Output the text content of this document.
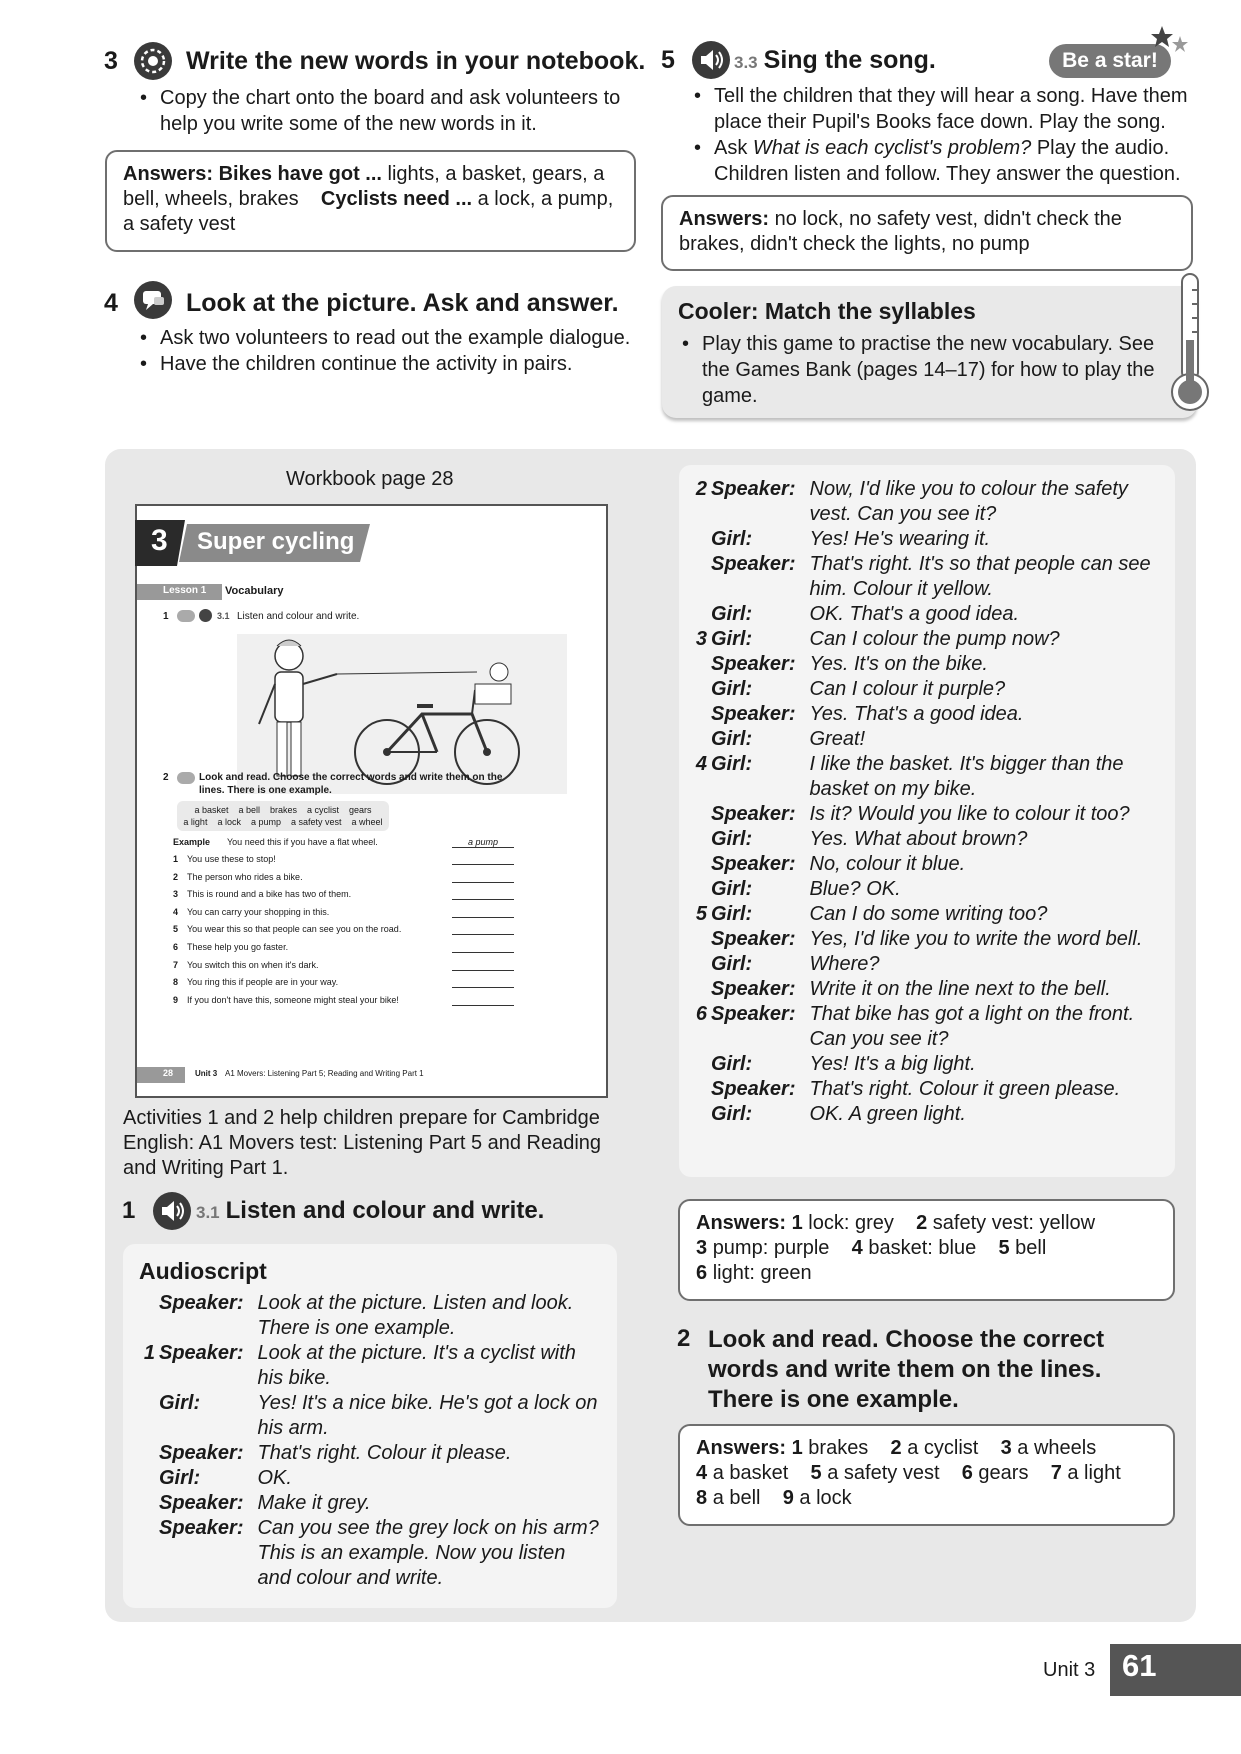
3	Write the new words in your notebook.
• Copy the chart onto the board and ask volunteers to help you write some of the new words in it.
Answers: Bikes have got ... lights, a basket, gears, a bell, wheels, brakes Cyclists need ... a lock, a pump, a safety vest
4	Look at the picture. Ask and answer.
• Ask two volunteers to read out the example dialogue.
• Have the children continue the activity in pairs.
5	3.3 Sing the song.	Be a star!
• Tell the children that they will hear a song. Have them place their Pupil's Books face down. Play the song.
• Ask What is each cyclist's problem? Play the audio. Children listen and follow. They answer the question.
Answers: no lock, no safety vest, didn't check the brakes, didn't check the lights, no pump
Cooler: Match the syllables
• Play this game to practise the new vocabulary. See the Games Bank (pages 14–17) for how to play the game.
Workbook page 28
3 Super cycling
Lesson 1 Vocabulary
1	3.1 Listen and colour and write.
2	Look and read. Choose the correct words and write them on the lines. There is one example.
a basket a bell brakes a cyclist gears
a light a lock a pump a safety vest a wheel
Example You need this if you have a flat wheel.	a pump
1 You use these to stop!
2 The person who rides a bike.
3 This is round and a bike has two of them.
4 You can carry your shopping in this.
5 You wear this so that people can see you on the road.
6 These help you go faster.
7 You switch this on when it's dark.
8 You ring this if people are in your way.
9 If you don't have this, someone might steal your bike!
28	Unit 3 A1 Movers: Listening Part 5; Reading and Writing Part 1
Activities 1 and 2 help children prepare for Cambridge English: A1 Movers test: Listening Part 5 and Reading and Writing Part 1.
1	3.1 Listen and colour and write.
Audioscript
	Speaker:	Look at the picture. Listen and look. There is one example.
1	Speaker:	Look at the picture. It's a cyclist with his bike.
	Girl:	Yes! It's a nice bike. He's got a lock on his arm.
	Speaker:	That's right. Colour it please.
	Girl:	OK.
	Speaker:	Make it grey.
	Speaker:	Can you see the grey lock on his arm? This is an example. Now you listen and colour and write.
2	Speaker:	Now, I'd like you to colour the safety vest. Can you see it?
	Girl:	Yes! He's wearing it.
	Speaker:	That's right. It's so that people can see him. Colour it yellow.
	Girl:	OK. That's a good idea.
3	Girl:	Can I colour the pump now?
	Speaker:	Yes. It's on the bike.
	Girl:	Can I colour it purple?
	Speaker:	Yes. That's a good idea.
	Girl:	Great!
4	Girl:	I like the basket. It's bigger than the basket on my bike.
	Speaker:	Is it? Would you like to colour it too?
	Girl:	Yes. What about brown?
	Speaker:	No, colour it blue.
	Girl:	Blue? OK.
5	Girl:	Can I do some writing too?
	Speaker:	Yes, I'd like you to write the word bell.
	Girl:	Where?
	Speaker:	Write it on the line next to the bell.
6	Speaker:	That bike has got a light on the front. Can you see it?
	Girl:	Yes! It's a big light.
	Speaker:	That's right. Colour it green please.
	Girl:	OK. A green light.
Answers: 1 lock: grey 2 safety vest: yellow
3 pump: purple 4 basket: blue 5 bell
6 light: green
2 Look and read. Choose the correct words and write them on the lines. There is one example.
Answers: 1 brakes 2 a cyclist 3 a wheels
4 a basket 5 a safety vest 6 gears 7 a light
8 a bell 9 a lock
Unit 3 61
